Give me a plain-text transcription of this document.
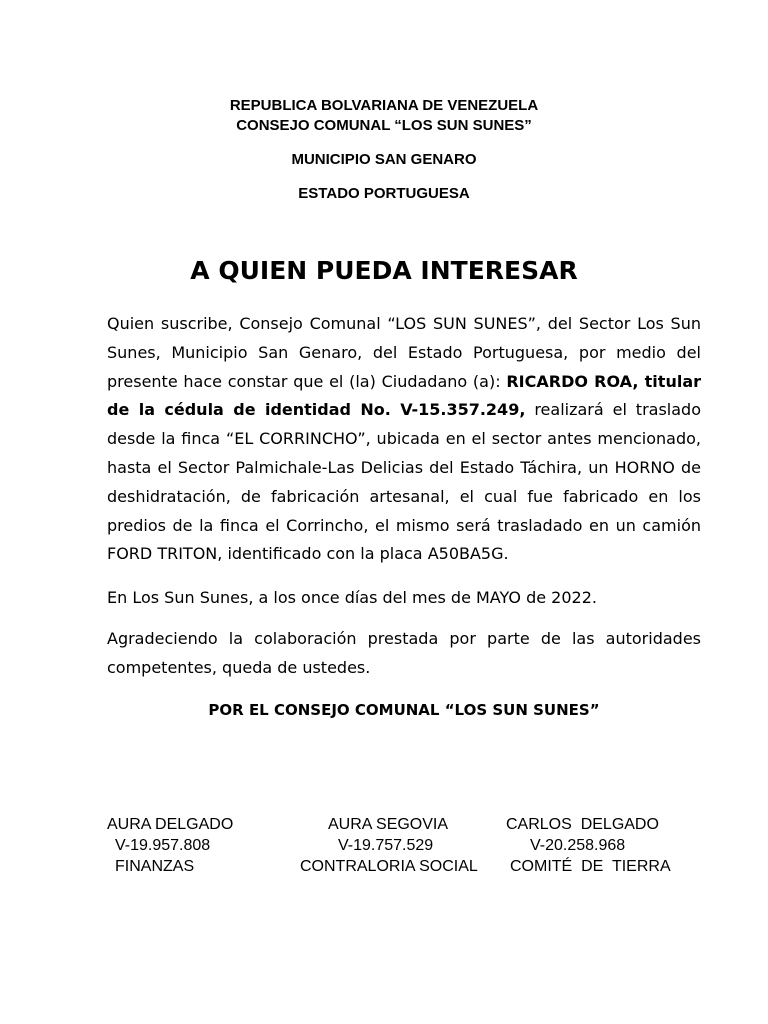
REPUBLICA BOLVARIANA DE VENEZUELA
CONSEJO COMUNAL “LOS SUN SUNES”
MUNICIPIO SAN GENARO
ESTADO PORTUGUESA
A QUIEN PUEDA INTERESAR

Quien suscribe, Consejo Comunal “LOS SUN SUNES”, del Sector Los Sun Sunes, Municipio San Genaro, del Estado Portuguesa, por medio del presente hace constar que el (la) Ciudadano (a): RICARDO ROA, titular de la cédula de identidad No. V-15.357.249, realizará el traslado desde la finca “EL CORRINCHO”, ubicada en el sector antes mencionado, hasta el Sector Palmichale-Las Delicias del Estado Táchira, un HORNO de deshidratación, de fabricación artesanal, el cual fue fabricado en los predios de la finca el Corrincho, el mismo será trasladado en un camión FORD TRITON, identificado con la placa A50BA5G.

En Los Sun Sunes, a los once días del mes de MAYO de 2022.

Agradeciendo la colaboración prestada por parte de las autoridades competentes, queda de ustedes.

POR EL CONSEJO COMUNAL “LOS SUN SUNES”
AURA DELGADO
V-19.957.808
FINANZAS
AURA SEGOVIA
V-19.757.529
CONTRALORIA SOCIAL
CARLOS  DELGADO
V-20.258.968
COMITÉ  DE  TIERRA
